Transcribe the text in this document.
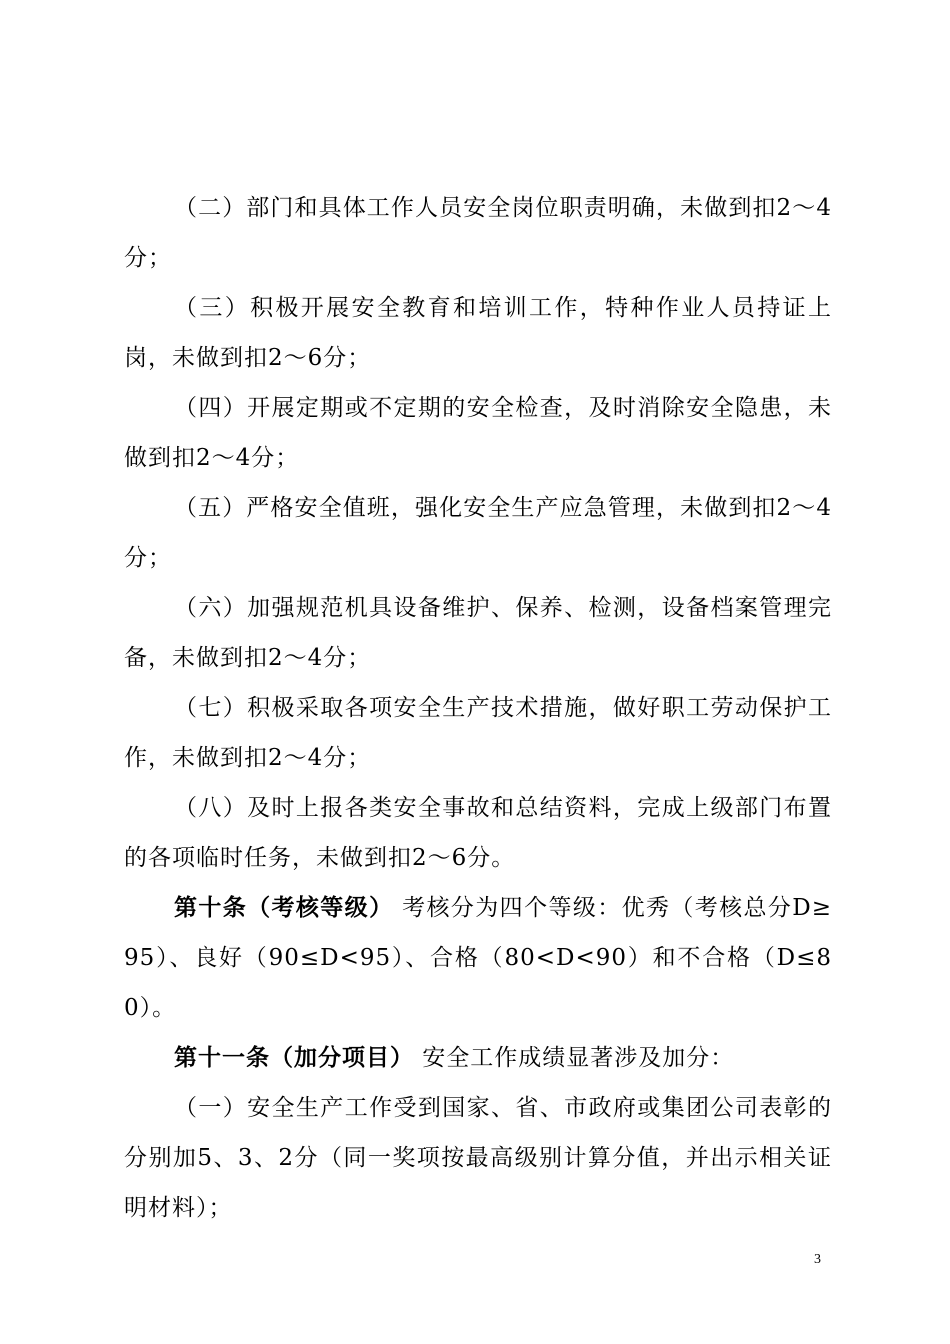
（二）部门和具体工作人员安全岗位职责明确，未做到扣2～4分；

（三）积极开展安全教育和培训工作，特种作业人员持证上岗，未做到扣2～6分；

（四）开展定期或不定期的安全检查，及时消除安全隐患，未做到扣2～4分；

（五）严格安全值班，强化安全生产应急管理，未做到扣2～4分；

（六）加强规范机具设备维护、保养、检测，设备档案管理完备，未做到扣2～4分；

（七）积极采取各项安全生产技术措施，做好职工劳动保护工作，未做到扣2～4分；

（八）及时上报各类安全事故和总结资料，完成上级部门布置的各项临时任务，未做到扣2～6分。

第十条（考核等级） 考核分为四个等级：优秀（考核总分D≥95）、良好（90≤D<95）、合格（80<D<90）和不合格（D≤80）。

第十一条（加分项目） 安全工作成绩显著涉及加分：

（一）安全生产工作受到国家、省、市政府或集团公司表彰的分别加5、3、2分（同一奖项按最高级别计算分值，并出示相关证明材料）；

3
